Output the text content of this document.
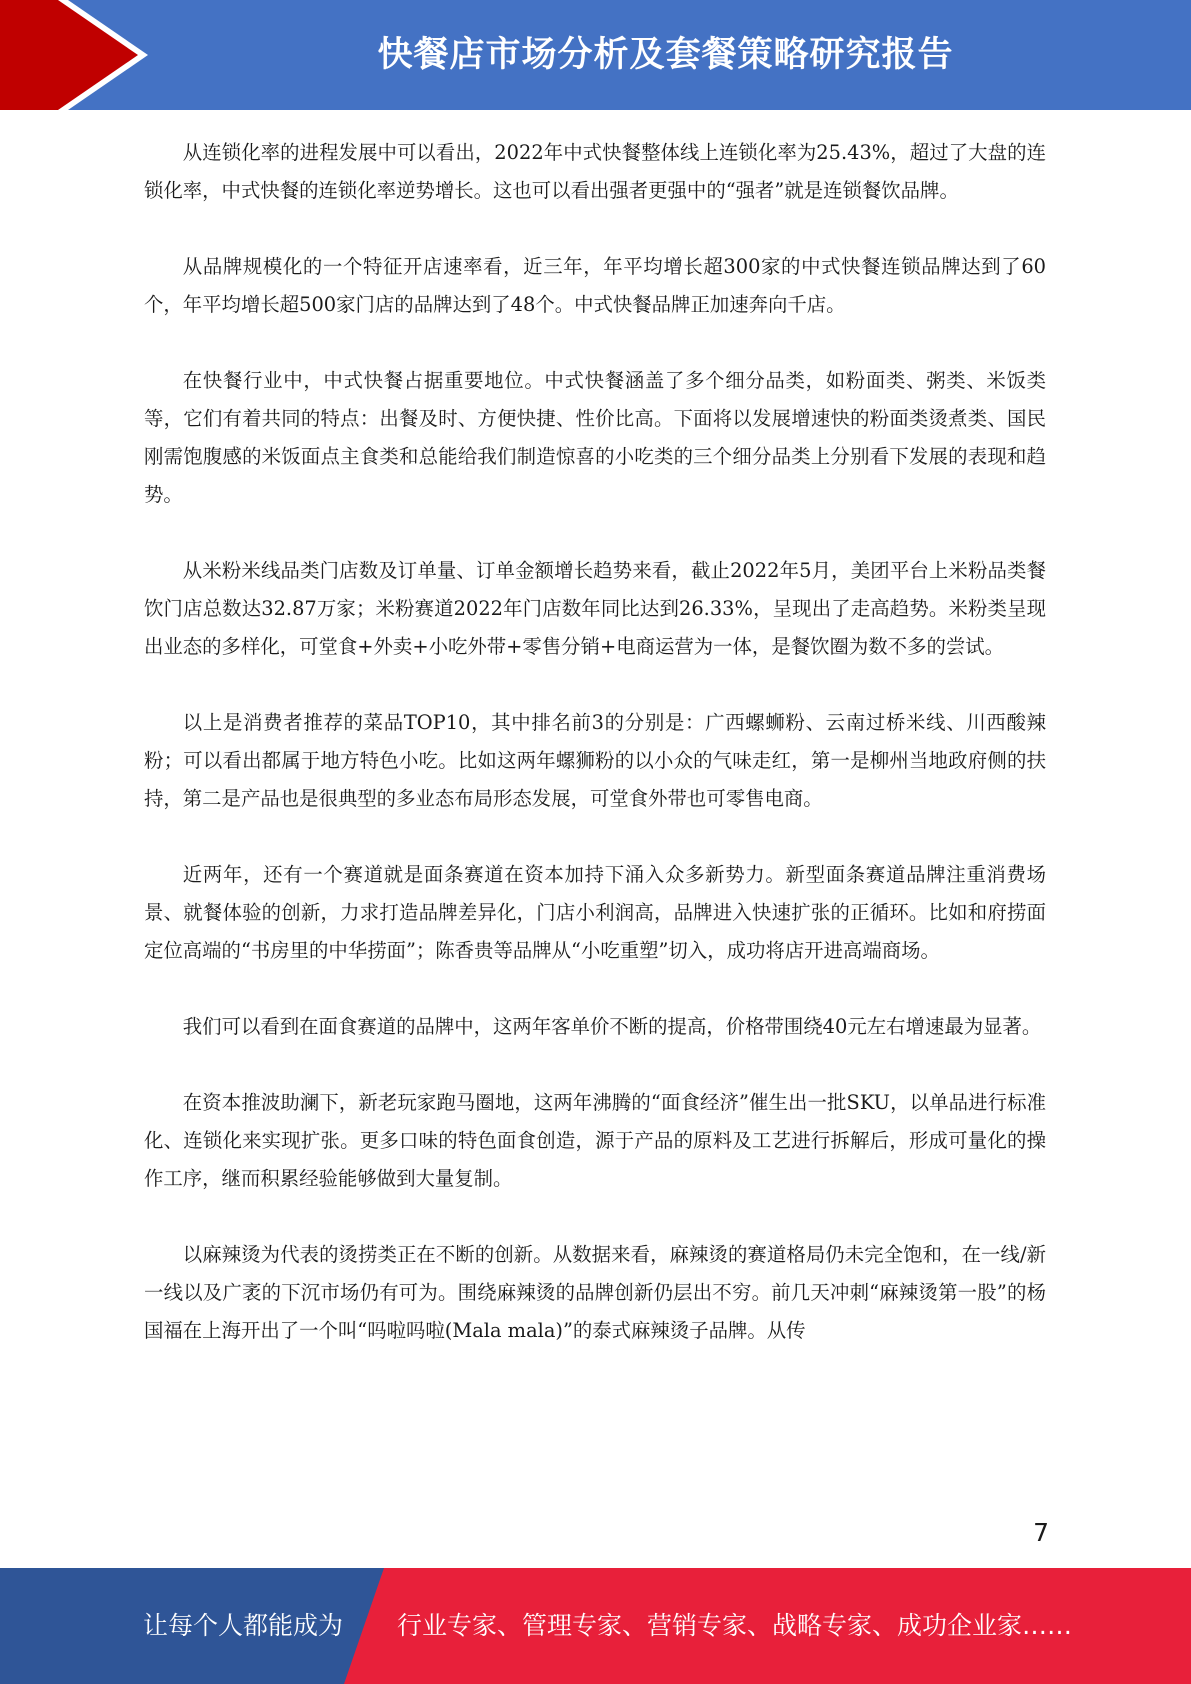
快餐店市场分析及套餐策略研究报告

从连锁化率的进程发展中可以看出，2022年中式快餐整体线上连锁化率为25.43%，超过了大盘的连锁化率，中式快餐的连锁化率逆势增长。这也可以看出强者更强中的“强者”就是连锁餐饮品牌。

从品牌规模化的一个特征开店速率看，近三年，年平均增长超300家的中式快餐连锁品牌达到了60个，年平均增长超500家门店的品牌达到了48个。中式快餐品牌正加速奔向千店。

在快餐行业中，中式快餐占据重要地位。中式快餐涵盖了多个细分品类，如粉面类、粥类、米饭类等，它们有着共同的特点：出餐及时、方便快捷、性价比高。下面将以发展增速快的粉面类烫煮类、国民刚需饱腹感的米饭面点主食类和总能给我们制造惊喜的小吃类的三个细分品类上分别看下发展的表现和趋势。

从米粉米线品类门店数及订单量、订单金额增长趋势来看，截止2022年5月，美团平台上米粉品类餐饮门店总数达32.87万家；米粉赛道2022年门店数年同比达到26.33%，呈现出了走高趋势。米粉类呈现出业态的多样化，可堂食+外卖+小吃外带+零售分销+电商运营为一体，是餐饮圈为数不多的尝试。

以上是消费者推荐的菜品TOP10，其中排名前3的分别是：广西螺蛳粉、云南过桥米线、川西酸辣粉；可以看出都属于地方特色小吃。比如这两年螺狮粉的以小众的气味走红，第一是柳州当地政府侧的扶持，第二是产品也是很典型的多业态布局形态发展，可堂食外带也可零售电商。

近两年，还有一个赛道就是面条赛道在资本加持下涌入众多新势力。新型面条赛道品牌注重消费场景、就餐体验的创新，力求打造品牌差异化，门店小利润高，品牌进入快速扩张的正循环。比如和府捞面定位高端的“书房里的中华捞面”；陈香贵等品牌从“小吃重塑”切入，成功将店开进高端商场。

我们可以看到在面食赛道的品牌中，这两年客单价不断的提高，价格带围绕40元左右增速最为显著。

在资本推波助澜下，新老玩家跑马圈地，这两年沸腾的“面食经济”催生出一批SKU，以单品进行标准化、连锁化来实现扩张。更多口味的特色面食创造，源于产品的原料及工艺进行拆解后，形成可量化的操作工序，继而积累经验能够做到大量复制。

以麻辣烫为代表的烫捞类正在不断的创新。从数据来看，麻辣烫的赛道格局仍未完全饱和，在一线/新一线以及广袤的下沉市场仍有可为。围绕麻辣烫的品牌创新仍层出不穷。前几天冲刺“麻辣烫第一股”的杨国福在上海开出了一个叫“吗啦吗啦(Mala mala)”的泰式麻辣烫子品牌。从传

7
让每个人都能成为 行业专家、管理专家、营销专家、战略专家、成功企业家……
